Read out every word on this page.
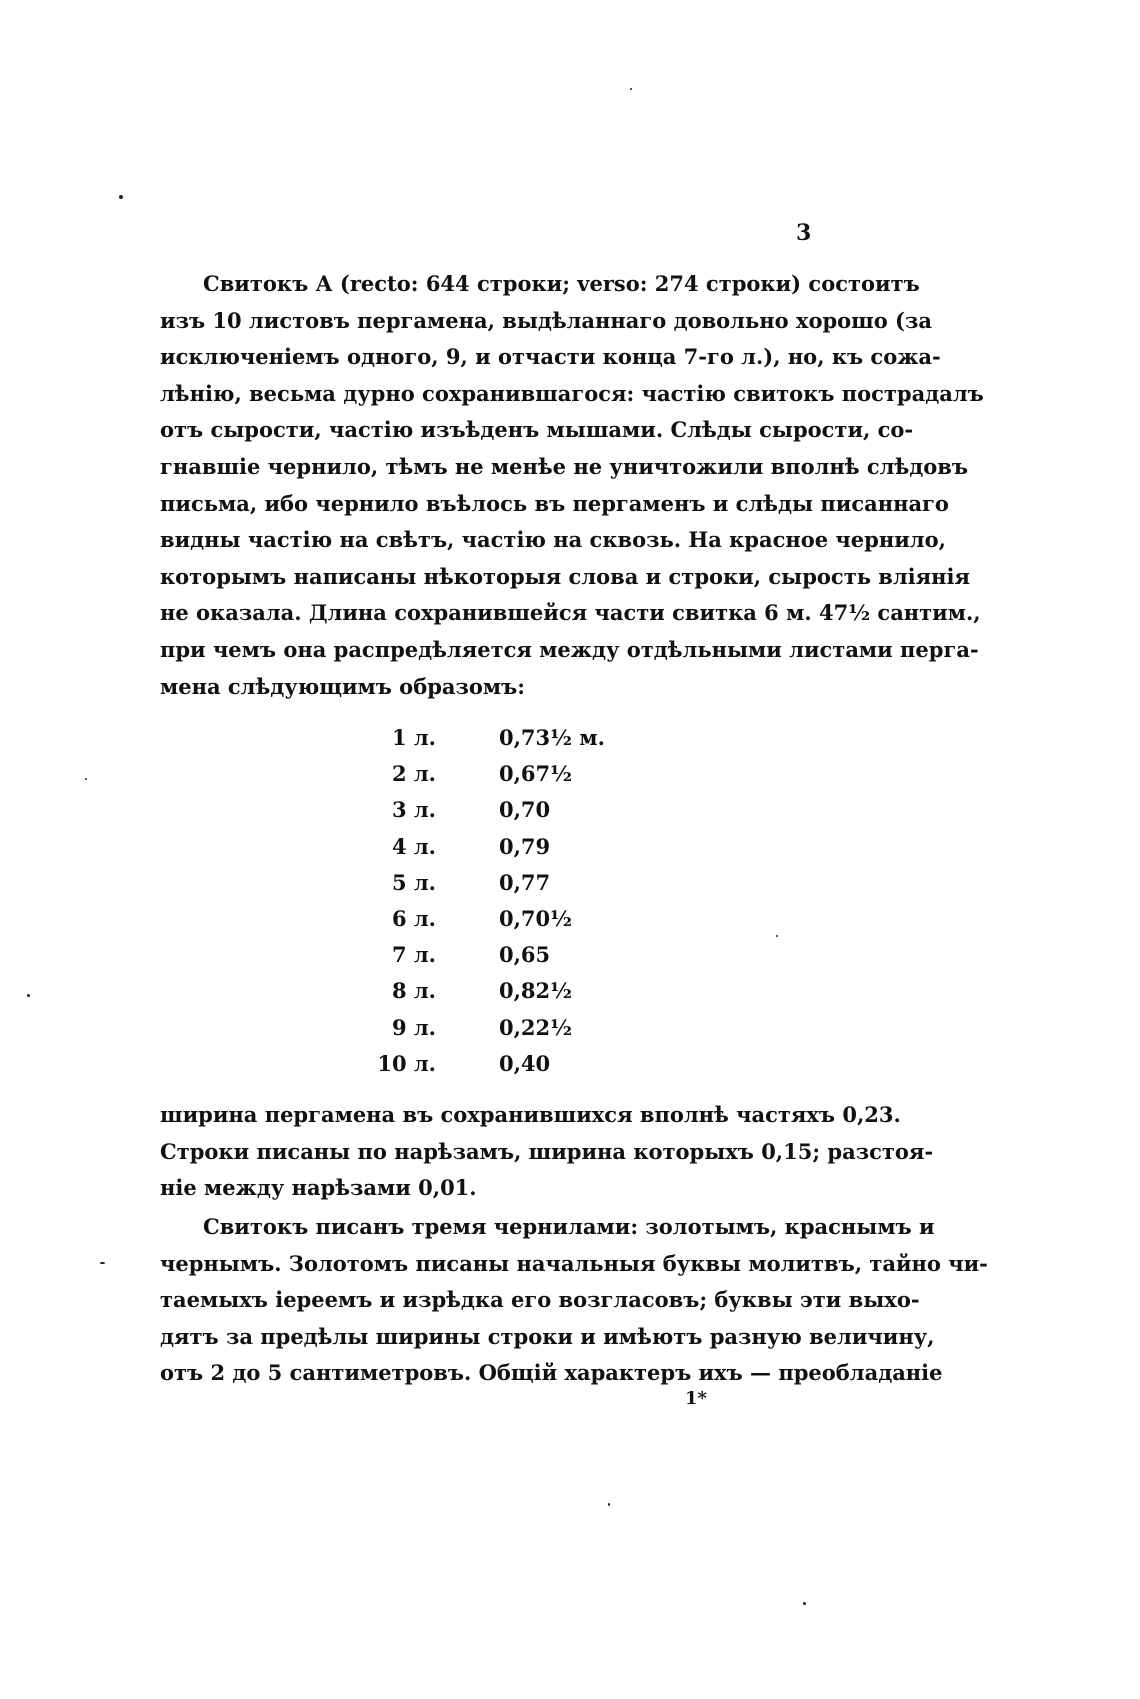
3
Свитокъ А (recto: 644 строки; verso: 274 строки) состоитъ
изъ 10 листовъ пергамена, выдѣланнаго довольно хорошо (за
исключеніемъ одного, 9, и отчасти конца 7-го л.), но, къ сожа-
лѣнію, весьма дурно сохранившагося: частію свитокъ пострадалъ
отъ сырости, частію изъѣденъ мышами. Слѣды сырости, со-
гнавшіе чернило, тѣмъ не менѣе не уничтожили вполнѣ слѣдовъ
письма, ибо чернило въѣлось въ пергаменъ и слѣды писаннаго
видны частію на свѣтъ, частію на сквозь. На красное чернило,
которымъ написаны нѣкоторыя слова и строки, сырость вліянія
не оказала. Длина сохранившейся части свитка 6 м. 47½ сантим.,
при чемъ она распредѣляется между отдѣльными листами перга-
мена слѣдующимъ образомъ:
1 л.	0,73½ м.
2 л.	0,67½
3 л.	0,70
4 л.	0,79
5 л.	0,77
6 л.	0,70½
7 л.	0,65
8 л.	0,82½
9 л.	0,22½
10 л.	0,40
ширина пергамена въ сохранившихся вполнѣ частяхъ 0,23.
Строки писаны по нарѣзамъ, ширина которыхъ 0,15; разстоя-
ніе между нарѣзами 0,01.
Свитокъ писанъ тремя чернилами: золотымъ, краснымъ и
чернымъ. Золотомъ писаны начальныя буквы молитвъ, тайно чи-
таемыхъ іереемъ и изрѣдка его возгласовъ; буквы эти выхо-
дятъ за предѣлы ширины строки и имѣютъ разную величину,
отъ 2 до 5 сантиметровъ. Общій характеръ ихъ — преобладаніе
1*
